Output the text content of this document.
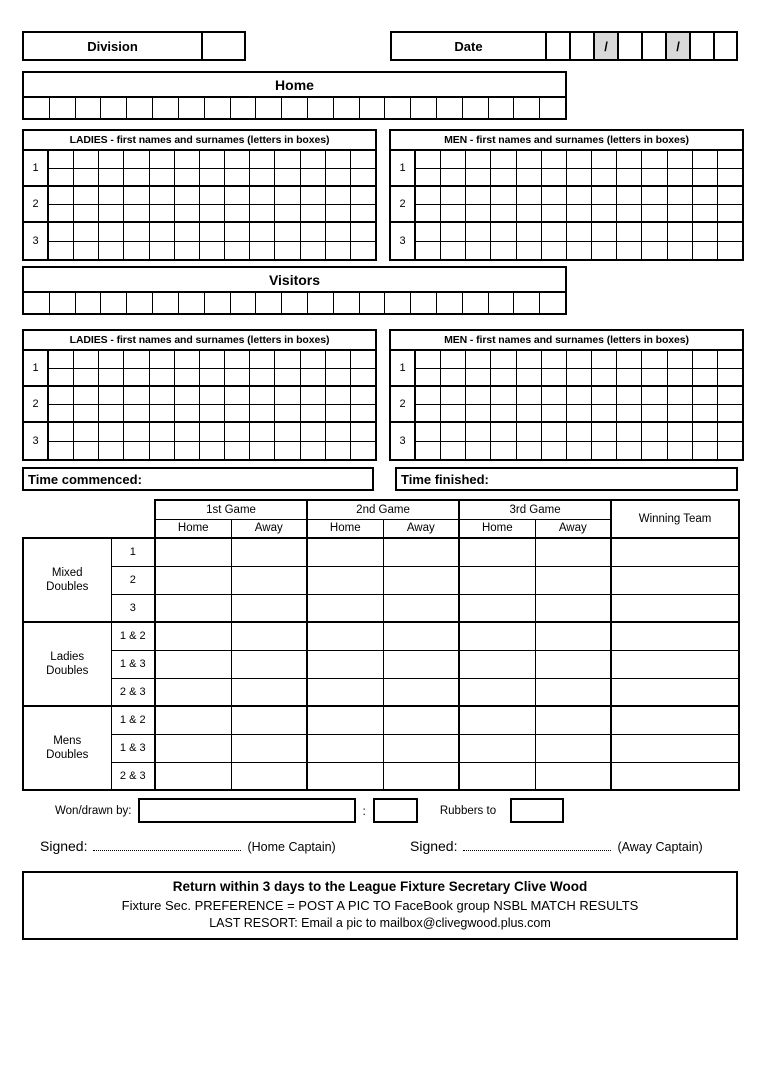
Division	Date	/	/
Home
LADIES - first names and surnames (letters in boxes)
1
2
3
MEN - first names and surnames (letters in boxes)
1
2
3
Visitors
LADIES - first names and surnames (letters in boxes)
1
2
3
MEN - first names and surnames (letters in boxes)
1
2
3
Time commenced:	Time finished:
		1st Game		2nd Game		3rd Game		Winning Team
		Home	Away	Home	Away	Home	Away	

Mixed
Doubles	1							
	2							
	3							

Ladies
Doubles	1 & 2							
	1 & 3							
	2 & 3							

Mens
Doubles	1 & 2							
	1 & 3							
	2 & 3							
Won/drawn by:	:	Rubbers to
Signed:	(Home Captain)	Signed:	(Away Captain)
Return within 3 days to the League Fixture Secretary Clive Wood
Fixture Sec. PREFERENCE = POST A PIC TO FaceBook group NSBL MATCH RESULTS
LAST RESORT: Email a pic to mailbox@clivegwood.plus.com
